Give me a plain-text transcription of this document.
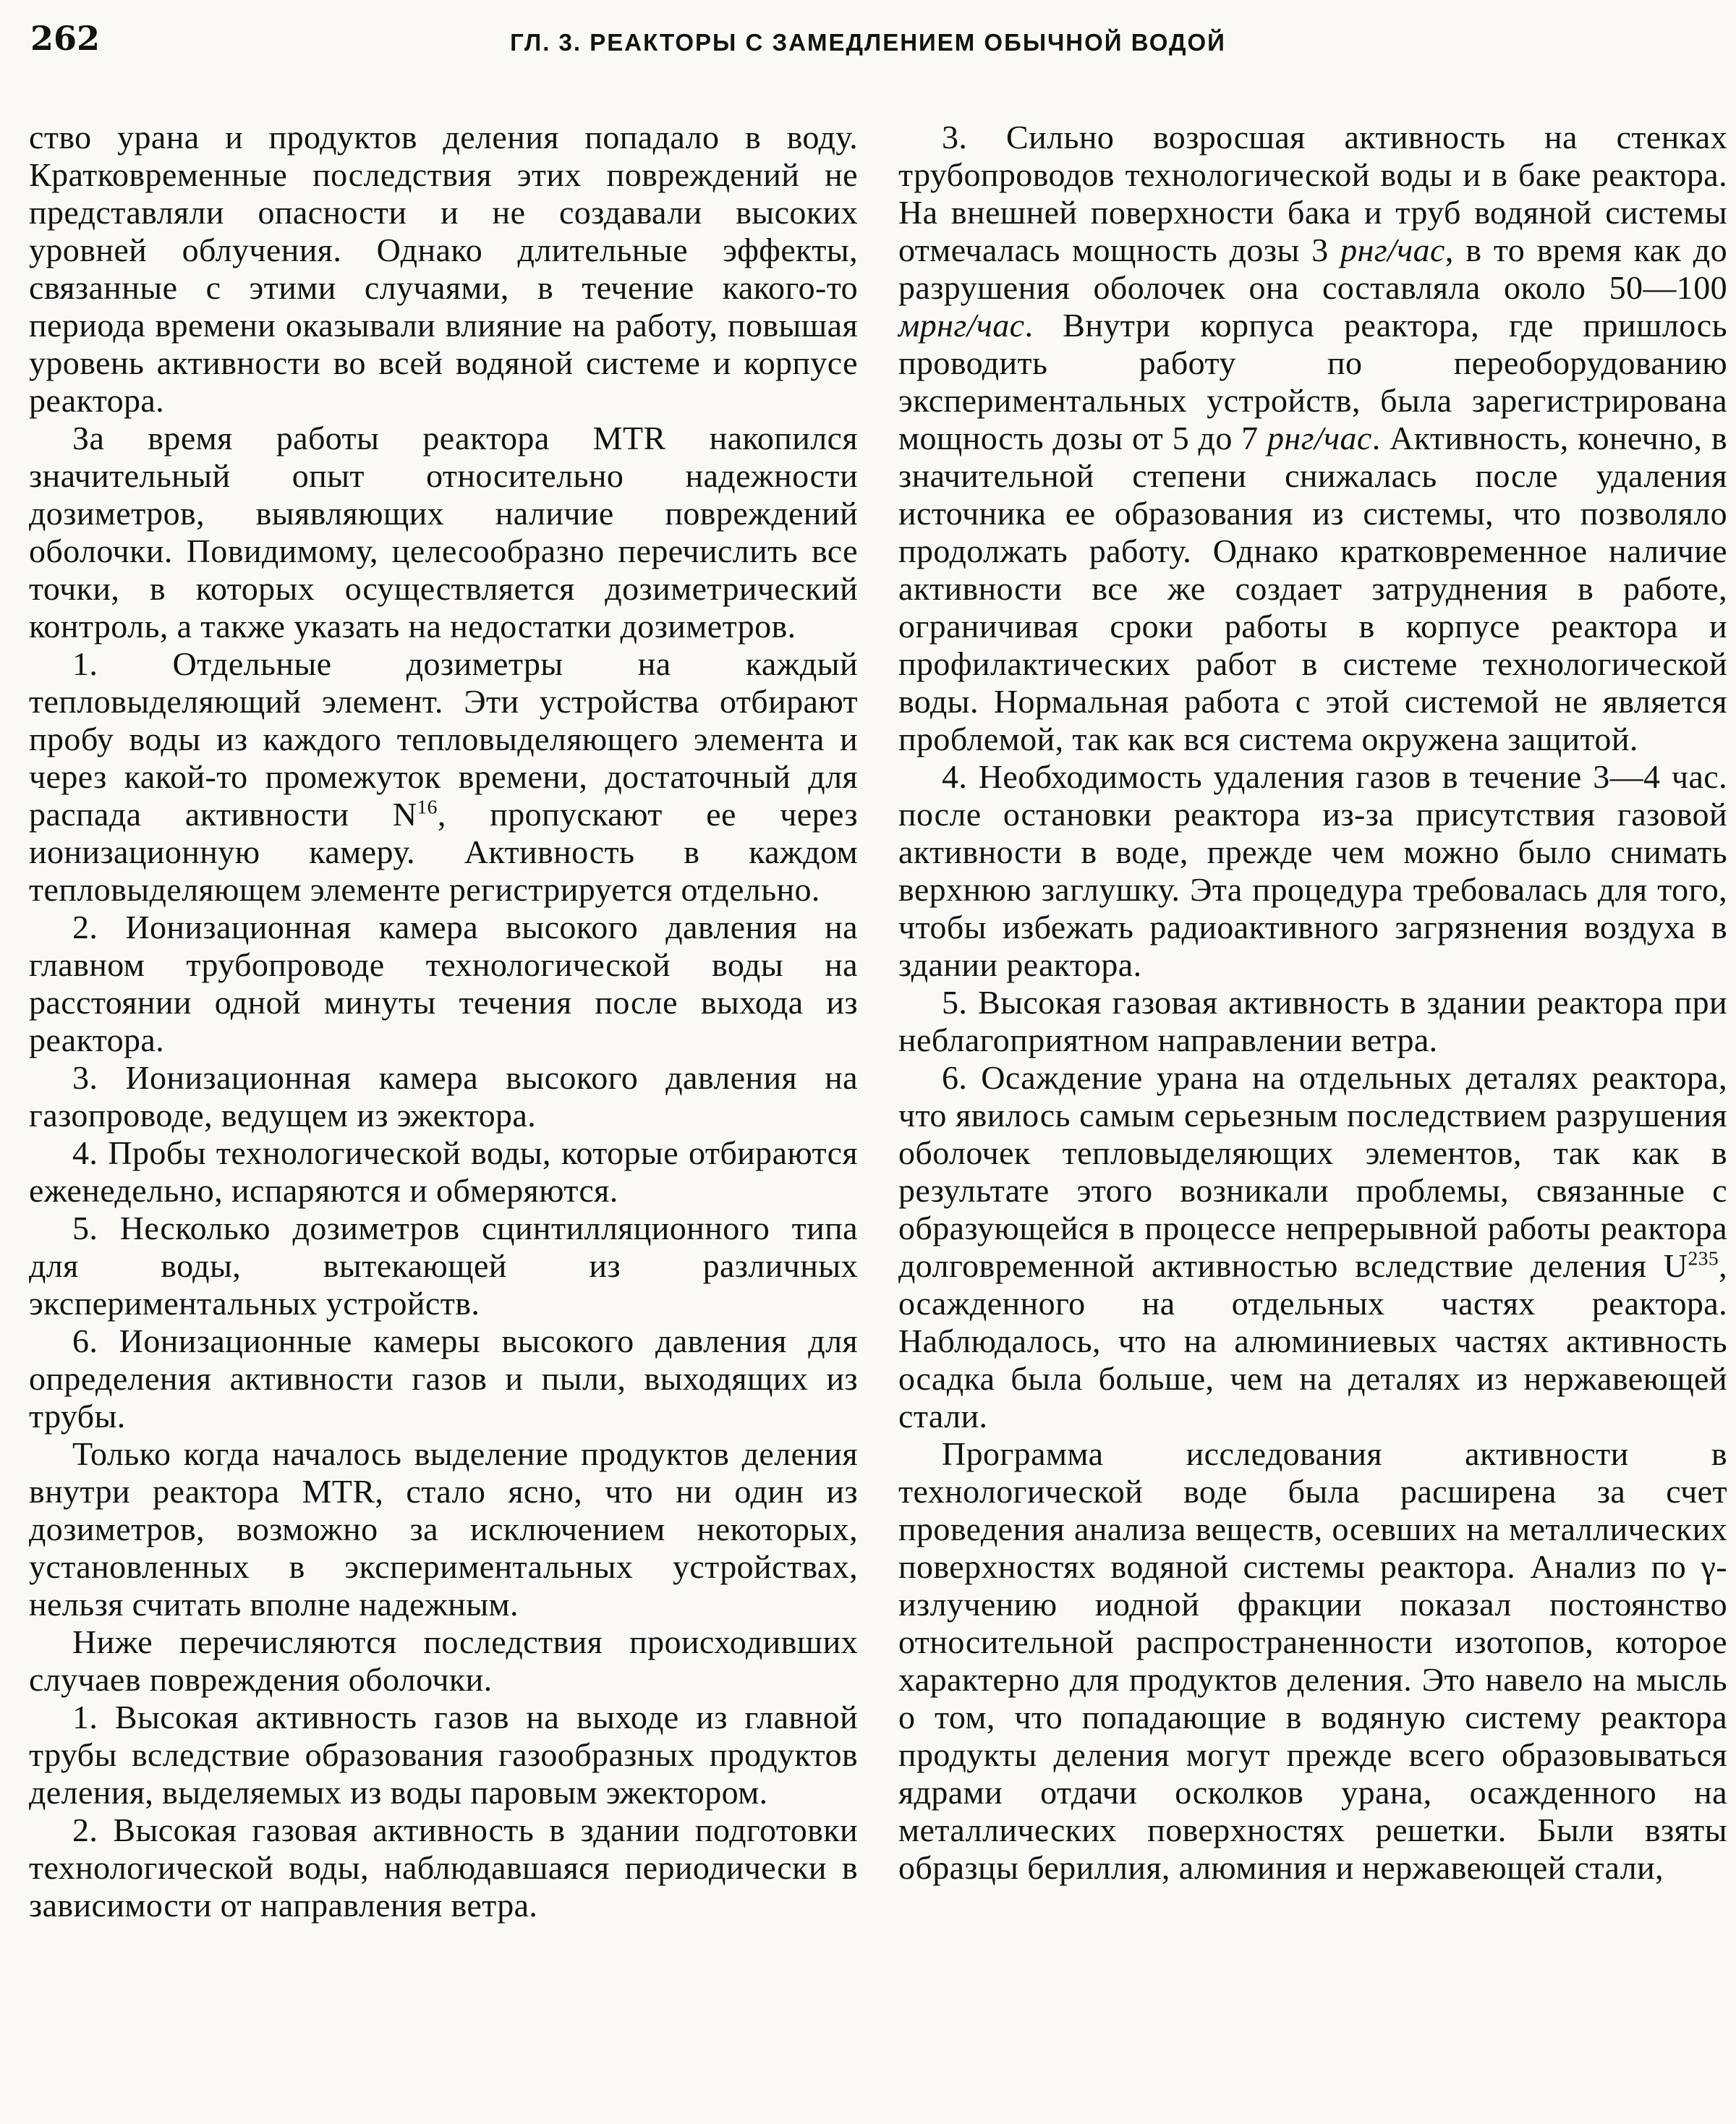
262	ГЛ. 3. РЕАКТОРЫ С ЗАМЕДЛЕНИЕМ ОБЫЧНОЙ ВОДОЙ

ство урана и продуктов деления попадало в воду. Кратковременные последствия этих повреждений не представляли опасности и не создавали высоких уровней облучения. Однако длительные эффекты, связанные с этими случаями, в течение какого-то периода времени оказывали влияние на работу, повышая уровень активности во всей водяной системе и корпусе реактора.

За время работы реактора MTR накопился значительный опыт относительно надежности дозиметров, выявляющих наличие повреждений оболочки. Повидимому, целесообразно перечислить все точки, в которых осуществляется дозиметрический контроль, а также указать на недостатки дозиметров.

1. Отдельные дозиметры на каждый тепловыделяющий элемент. Эти устройства отбирают пробу воды из каждого тепловыделяющего элемента и через какой-то промежуток времени, достаточный для распада активности $N^{16}$, пропускают ее через ионизационную камеру. Активность в каждом тепловыделяющем элементе регистрируется отдельно.

2. Ионизационная камера высокого давления на главном трубопроводе технологической воды на расстоянии одной минуты течения после выхода из реактора.

3. Ионизационная камера высокого давления на газопроводе, ведущем из эжектора.

4. Пробы технологической воды, которые отбираются еженедельно, испаряются и обмеряются.

5. Несколько дозиметров сцинтилляционного типа для воды, вытекающей из различных экспериментальных устройств.

6. Ионизационные камеры высокого давления для определения активности газов и пыли, выходящих из трубы.

Только когда началось выделение продуктов деления внутри реактора MTR, стало ясно, что ни один из дозиметров, возможно за исключением некоторых, установленных в экспериментальных устройствах, нельзя считать вполне надежным.

Ниже перечисляются последствия происходивших случаев повреждения оболочки.

1. Высокая активность газов на выходе из главной трубы вследствие образования газообразных продуктов деления, выделяемых из воды паровым эжектором.

2. Высокая газовая активность в здании подготовки технологической воды, наблюдавшаяся периодически в зависимости от направления ветра.

3. Сильно возросшая активность на стенках трубопроводов технологической воды и в баке реактора. На внешней поверхности бака и труб водяной системы отмечалась мощность дозы 3 рнг/час, в то время как до разрушения оболочек она составляла около 50—100 мрнг/час. Внутри корпуса реактора, где пришлось проводить работу по переоборудованию экспериментальных устройств, была зарегистрирована мощность дозы от 5 до 7 рнг/час. Активность, конечно, в значительной степени снижалась после удаления источника ее образования из системы, что позволяло продолжать работу. Однако кратковременное наличие активности все же создает затруднения в работе, ограничивая сроки работы в корпусе реактора и профилактических работ в системе технологической воды. Нормальная работа с этой системой не является проблемой, так как вся система окружена защитой.

4. Необходимость удаления газов в течение 3—4 час. после остановки реактора из-за присутствия газовой активности в воде, прежде чем можно было снимать верхнюю заглушку. Эта процедура требовалась для того, чтобы избежать радиоактивного загрязнения воздуха в здании реактора.

5. Высокая газовая активность в здании реактора при неблагоприятном направлении ветра.

6. Осаждение урана на отдельных деталях реактора, что явилось самым серьезным последствием разрушения оболочек тепловыделяющих элементов, так как в результате этого возникали проблемы, связанные с образующейся в процессе непрерывной работы реактора долговременной активностью вследствие деления $U^{235}$, осажденного на отдельных частях реактора. Наблюдалось, что на алюминиевых частях активность осадка была больше, чем на деталях из нержавеющей стали.

Программа исследования активности в технологической воде была расширена за счет проведения анализа веществ, осевших на металлических поверхностях водяной системы реактора. Анализ по γ-излучению иодной фракции показал постоянство относительной распространенности изотопов, которое характерно для продуктов деления. Это навело на мысль о том, что попадающие в водяную систему реактора продукты деления могут прежде всего образовываться ядрами отдачи осколков урана, осажденного на металлических поверхностях решетки. Были взяты образцы бериллия, алюминия и нержавеющей стали,
